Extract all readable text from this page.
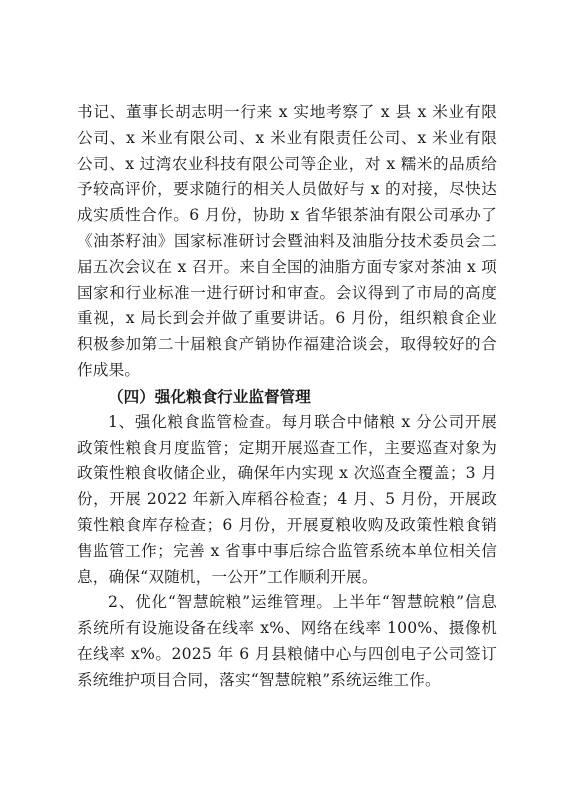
书记、董事长胡志明一行来 x 实地考察了 x 县 x 米业有限公司、x 米业有限公司、x 米业有限责任公司、x 米业有限公司、x 过湾农业科技有限公司等企业，对 x 糯米的品质给予较高评价，要求随行的相关人员做好与 x 的对接，尽快达成实质性合作。6 月份，协助 x 省华银茶油有限公司承办了《油茶籽油》国家标准研讨会暨油料及油脂分技术委员会二届五次会议在 x 召开。来自全国的油脂方面专家对茶油 x 项国家和行业标准一进行研讨和审查。会议得到了市局的高度重视，x 局长到会并做了重要讲话。6 月份，组织粮食企业积极参加第二十届粮食产销协作福建洽谈会，取得较好的合作成果。

（四）强化粮食行业监督管理

1、强化粮食监管检查。每月联合中储粮 x 分公司开展政策性粮食月度监管；定期开展巡查工作，主要巡查对象为政策性粮食收储企业，确保年内实现 x 次巡查全覆盖；3 月份，开展 2022 年新入库稻谷检查；4 月、5 月份，开展政策性粮食库存检查；6 月份，开展夏粮收购及政策性粮食销售监管工作；完善 x 省事中事后综合监管系统本单位相关信息，确保“双随机，一公开”工作顺利开展。

2、优化“智慧皖粮”运维管理。上半年“智慧皖粮”信息系统所有设施设备在线率 x%、网络在线率 100%、摄像机在线率 x%。2025 年 6 月县粮储中心与四创电子公司签订系统维护项目合同，落实“智慧皖粮”系统运维工作。
